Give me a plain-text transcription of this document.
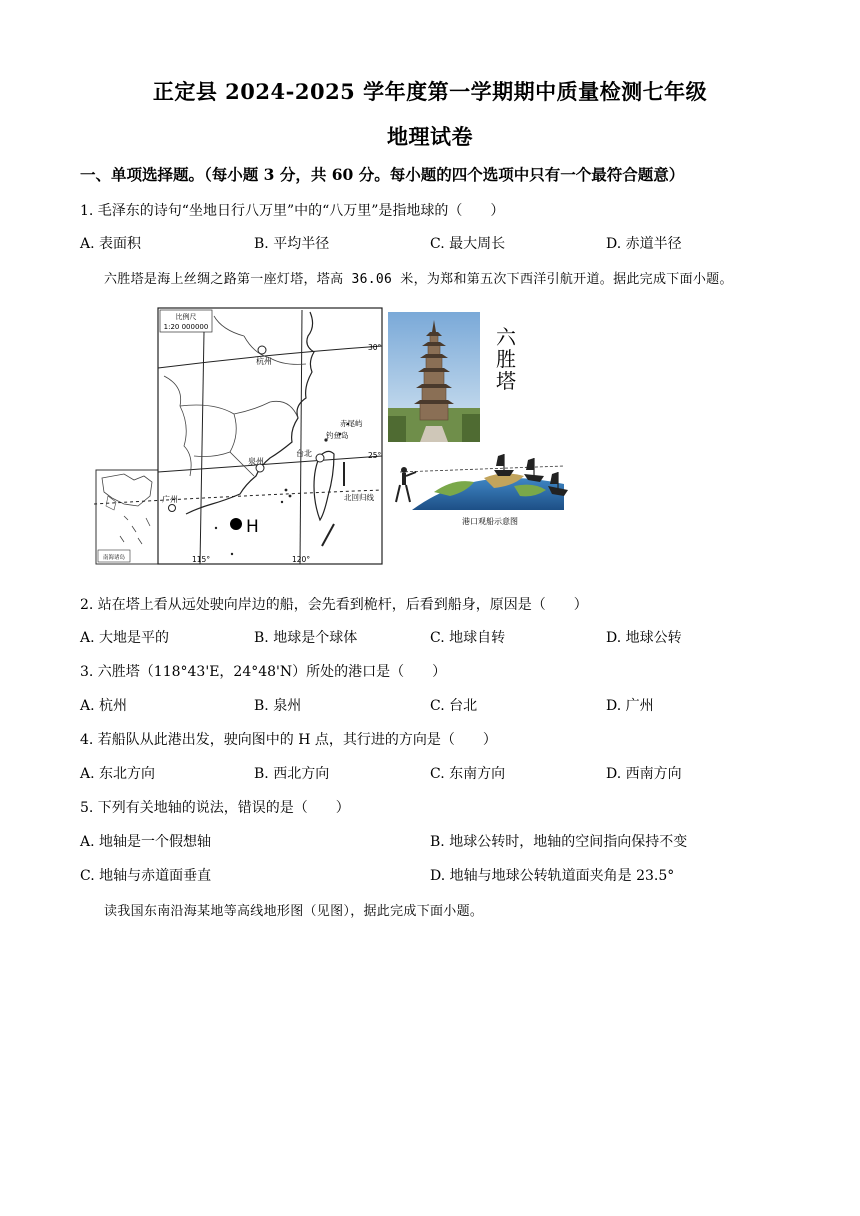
正定县 2024-2025 学年度第一学期期中质量检测七年级
地理试卷
一、单项选择题。（每小题 3 分，共 60 分。每小题的四个选项中只有一个最符合题意）
1. 毛泽东的诗句“坐地日行八万里”中的“八万里”是指地球的（　　）
A. 表面积	B. 平均半径	C. 最大周长	D. 赤道半径
六胜塔是海上丝绸之路第一座灯塔，塔高 36.06 米，为郑和第五次下西洋引航开道。据此完成下面小题。
南海诸岛
比例尺
1:20 000000
杭州
泉州
台北
广州
钓鱼岛
赤尾屿
30°
25°
北回归线
115°	120°
H
六
胜
塔
港口观船示意图
2. 站在塔上看从远处驶向岸边的船，会先看到桅杆，后看到船身，原因是（　　）
A. 大地是平的	B. 地球是个球体	C. 地球自转	D. 地球公转
3. 六胜塔（118°43'E，24°48'N）所处的港口是（　　）
A. 杭州	B. 泉州	C. 台北	D. 广州
4. 若船队从此港出发，驶向图中的 H 点，其行进的方向是（　　）
A. 东北方向	B. 西北方向	C. 东南方向	D. 西南方向
5. 下列有关地轴的说法，错误的是（　　）
A. 地轴是一个假想轴	B. 地球公转时，地轴的空间指向保持不变
C. 地轴与赤道面垂直	D. 地轴与地球公转轨道面夹角是 23.5°
读我国东南沿海某地等高线地形图（见图），据此完成下面小题。
